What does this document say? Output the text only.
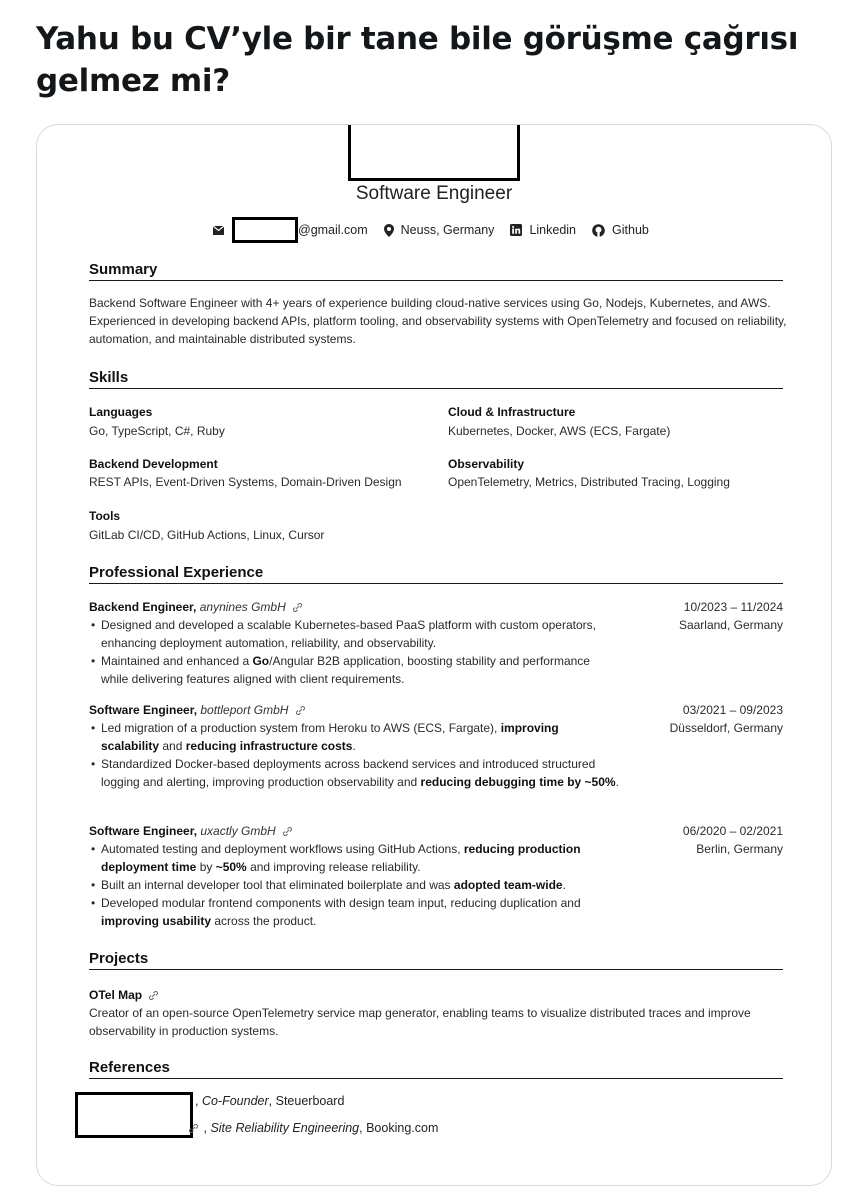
Yahu bu CV’yle bir tane bile görüşme çağrısı gelmez mi?
Software Engineer
@gmail.com	Neuss, Germany	Linkedin	Github
Summary
Backend Software Engineer with 4+ years of experience building cloud-native services using Go, Nodejs, Kubernetes, and AWS. Experienced in developing backend APIs, platform tooling, and observability systems with OpenTelemetry and focused on reliability, automation, and maintainable distributed systems.
Skills
Languages
Go, TypeScript, C#, Ruby
Cloud & Infrastructure
Kubernetes, Docker, AWS (ECS, Fargate)
Backend Development
REST APIs, Event-Driven Systems, Domain-Driven Design
Observability
OpenTelemetry, Metrics, Distributed Tracing, Logging
Tools
GitLab CI/CD, GitHub Actions, Linux, Cursor
Professional Experience
Backend Engineer, anynines GmbH	10/2023 – 11/2024
Saarland, Germany
• Designed and developed a scalable Kubernetes-based PaaS platform with custom operators, enhancing deployment automation, reliability, and observability.
• Maintained and enhanced a Go/Angular B2B application, boosting stability and performance while delivering features aligned with client requirements.
Software Engineer, bottleport GmbH	03/2021 – 09/2023
Düsseldorf, Germany
• Led migration of a production system from Heroku to AWS (ECS, Fargate), improving scalability and reducing infrastructure costs.
• Standardized Docker-based deployments across backend services and introduced structured logging and alerting, improving production observability and reducing debugging time by ~50%.
Software Engineer, uxactly GmbH	06/2020 – 02/2021
Berlin, Germany
• Automated testing and deployment workflows using GitHub Actions, reducing production deployment time by ~50% and improving release reliability.
• Built an internal developer tool that eliminated boilerplate and was adopted team-wide.
• Developed modular frontend components with design team input, reducing duplication and improving usability across the product.
Projects
OTel Map
Creator of an open-source OpenTelemetry service map generator, enabling teams to visualize distributed traces and improve observability in production systems.
References
, Co-Founder, Steuerboard
, Site Reliability Engineering, Booking.com
